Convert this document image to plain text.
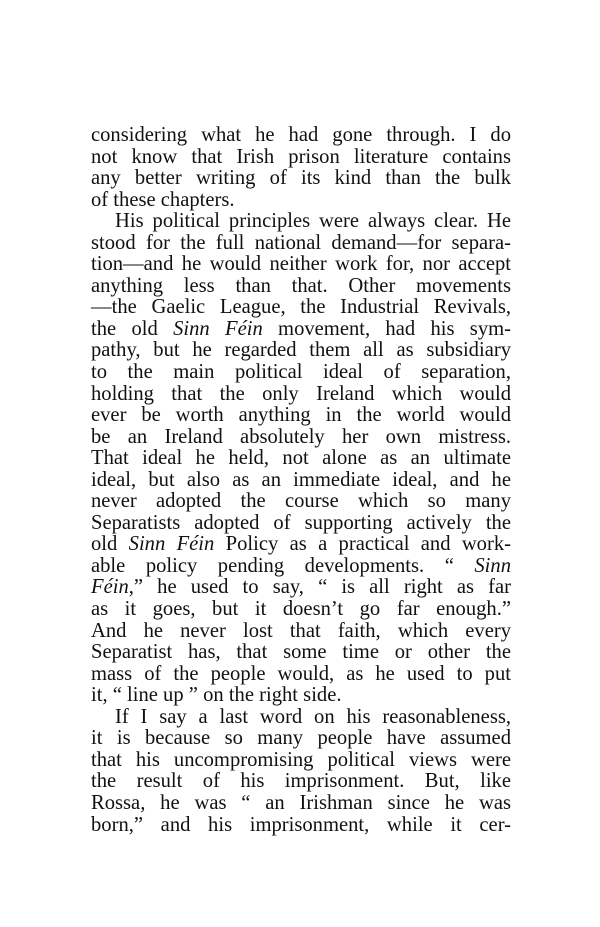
considering what he had gone through. I do
not know that Irish prison literature contains
any better writing of its kind than the bulk
of these chapters.
His political principles were always clear. He
stood for the full national demand—for separa-
tion—and he would neither work for, nor accept
anything less than that. Other movements
—the Gaelic League, the Industrial Revivals,
the old Sinn Féin movement, had his sym-
pathy, but he regarded them all as subsidiary
to the main political ideal of separation,
holding that the only Ireland which would
ever be worth anything in the world would
be an Ireland absolutely her own mistress.
That ideal he held, not alone as an ultimate
ideal, but also as an immediate ideal, and he
never adopted the course which so many
Separatists adopted of supporting actively the
old Sinn Féin Policy as a practical and work-
able policy pending developments. “ Sinn
Féin,” he used to say, “ is all right as far
as it goes, but it doesn’t go far enough.”
And he never lost that faith, which every
Separatist has, that some time or other the
mass of the people would, as he used to put
it, “ line up ” on the right side.
If I say a last word on his reasonableness,
it is because so many people have assumed
that his uncompromising political views were
the result of his imprisonment. But, like
Rossa, he was “ an Irishman since he was
born,” and his imprisonment, while it cer-
